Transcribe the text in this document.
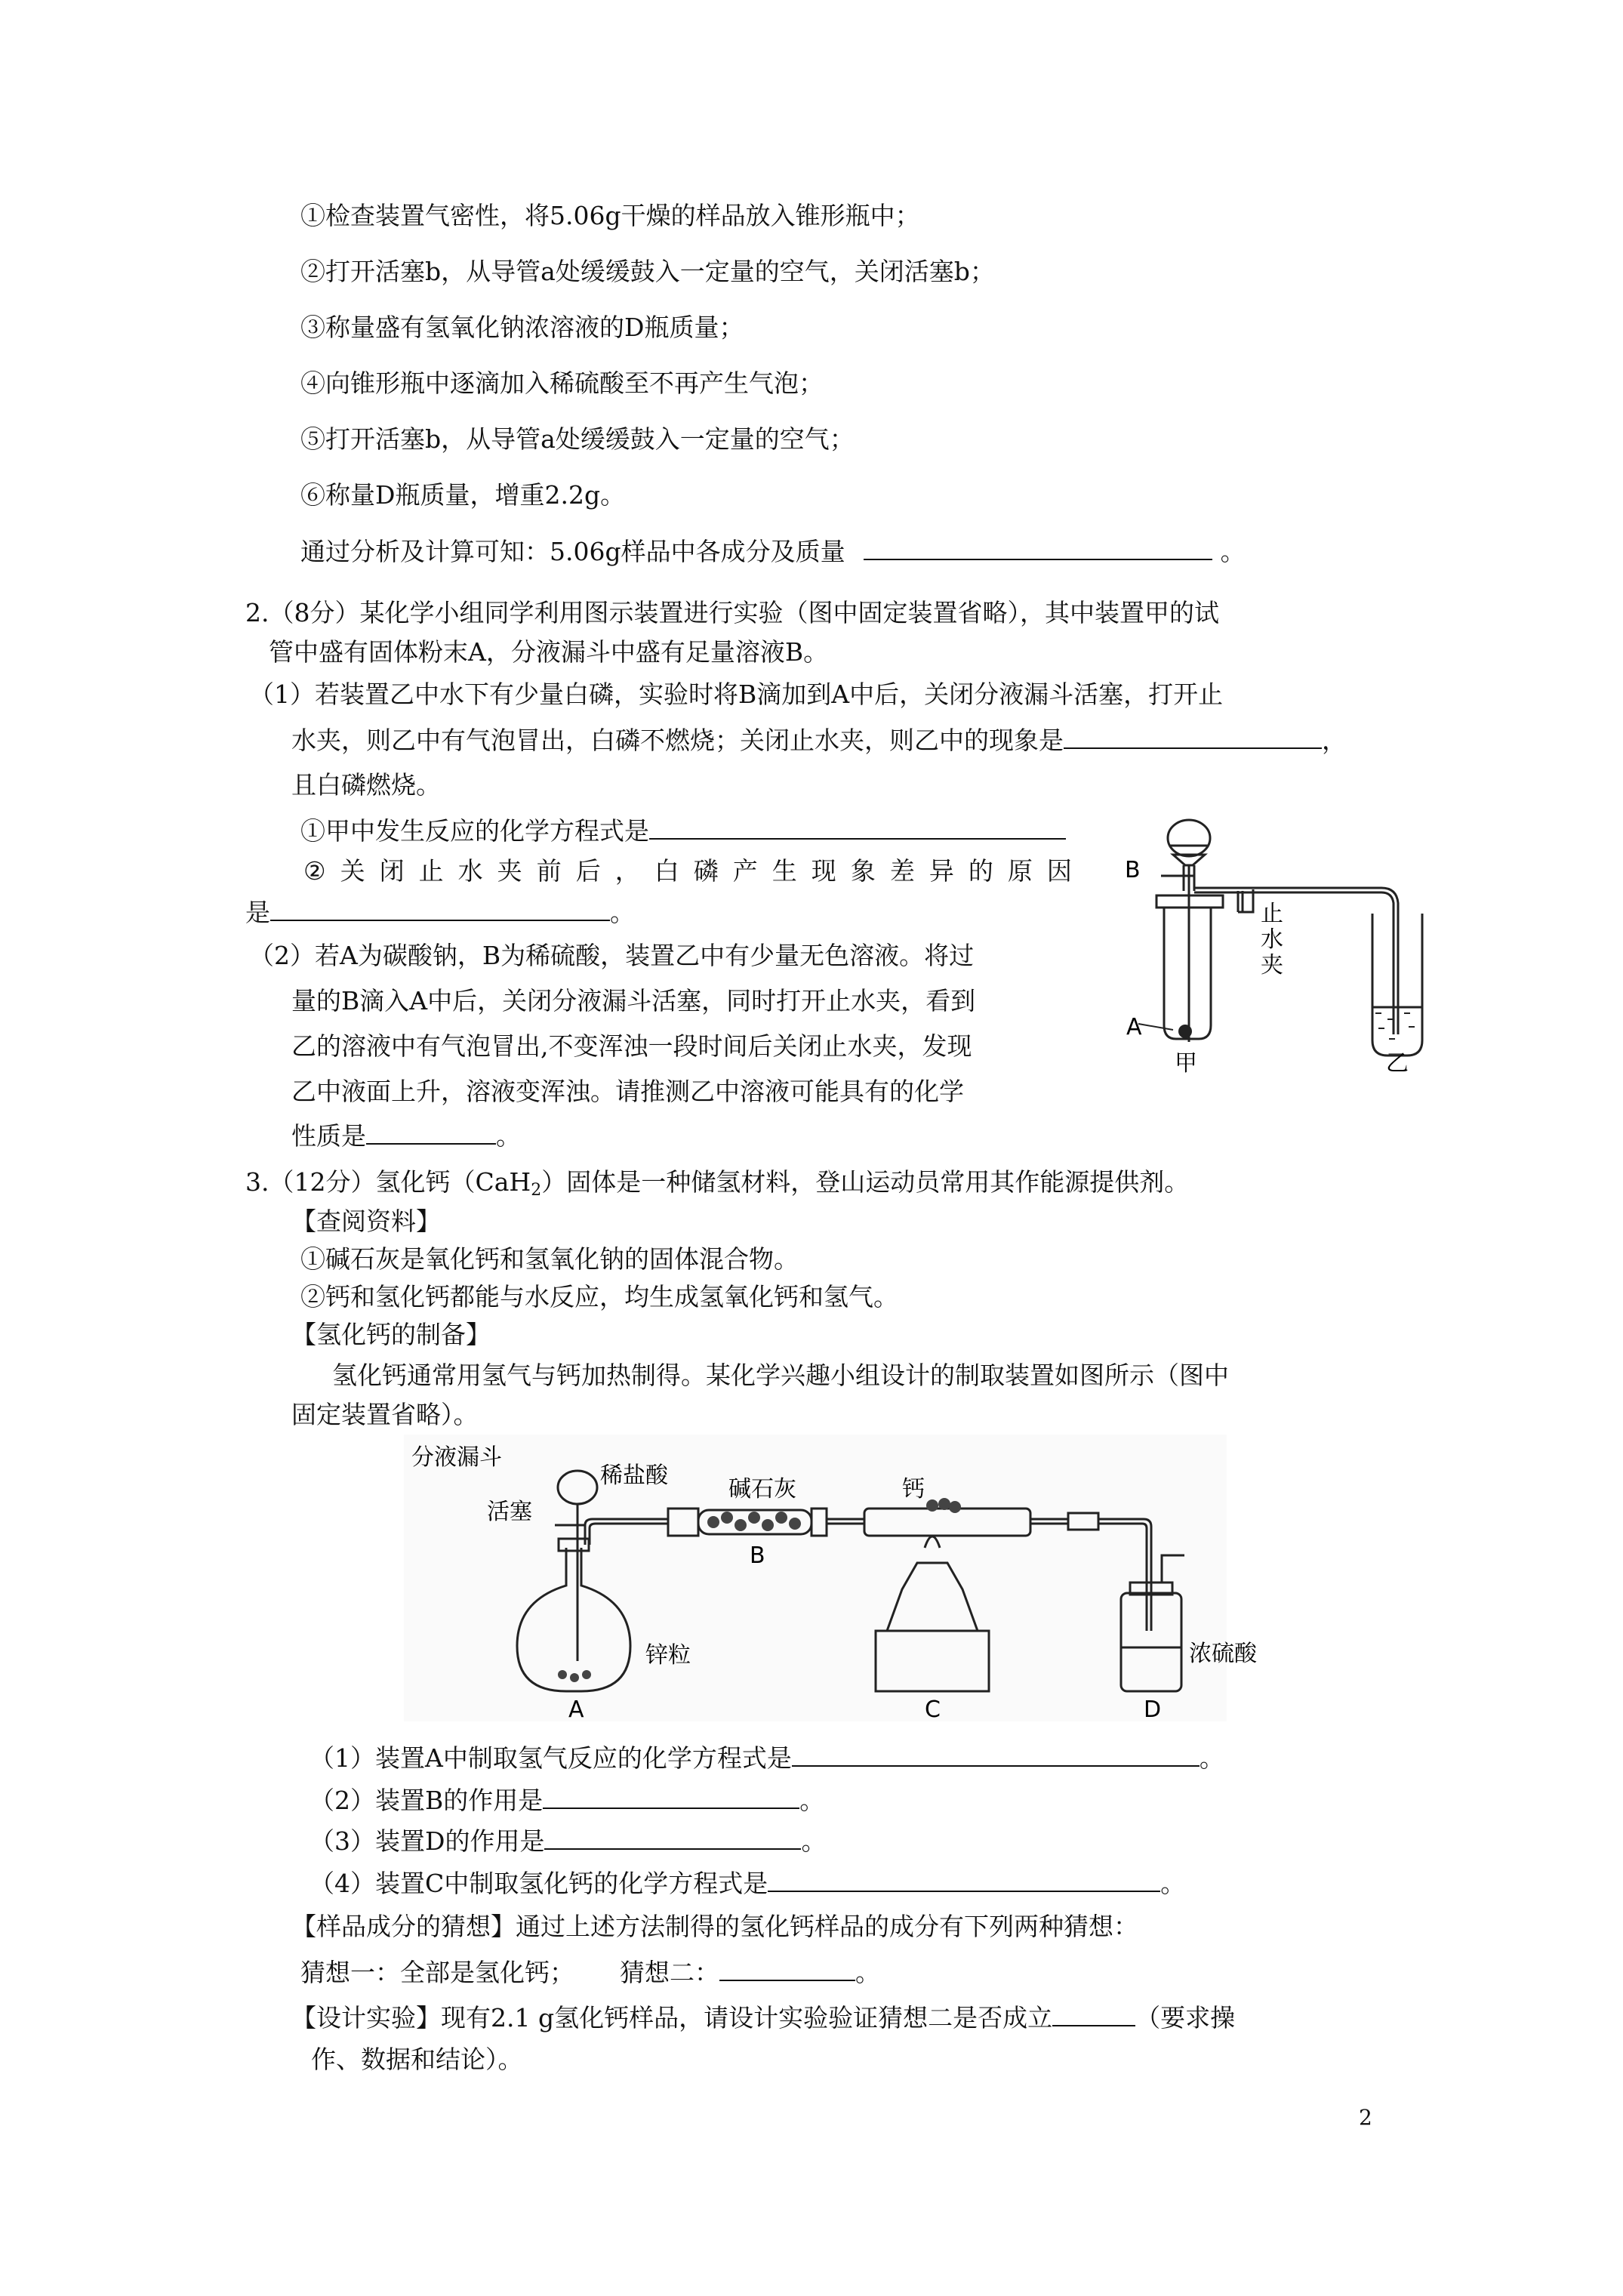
①检查装置气密性，将5.06g干燥的样品放入锥形瓶中；
②打开活塞b，从导管a处缓缓鼓入一定量的空气，关闭活塞b；
③称量盛有氢氧化钠浓溶液的D瓶质量；
④向锥形瓶中逐滴加入稀硫酸至不再产生气泡；
⑤打开活塞b，从导管a处缓缓鼓入一定量的空气；
⑥称量D瓶质量，增重2.2g。
通过分析及计算可知：5.06g样品中各成分及质量	。
2.（8分）某化学小组同学利用图示装置进行实验（图中固定装置省略），其中装置甲的试
管中盛有固体粉末A，分液漏斗中盛有足量溶液B。
（1）若装置乙中水下有少量白磷，实验时将B滴加到A中后，关闭分液漏斗活塞，打开止
水夹，则乙中有气泡冒出，白磷不燃烧；关闭止水夹，则乙中的现象是	，
且白磷燃烧。
①甲中发生反应的化学方程式是
② 关 闭 止 水 夹 前 后 ， 白 磷 产 生 现 象 差 异 的 原 因
是	。
（2）若A为碳酸钠，B为稀硫酸，装置乙中有少量无色溶液。将过
量的B滴入A中后，关闭分液漏斗活塞，同时打开止水夹，看到
乙的溶液中有气泡冒出,不变浑浊一段时间后关闭止水夹，发现
乙中液面上升，溶液变浑浊。请推测乙中溶液可能具有的化学
性质是	。
B
A
甲	乙
止
水
夹
3.（12分）氢化钙（CaH$_2$）固体是一种储氢材料，登山运动员常用其作能源提供剂。
【查阅资料】
①碱石灰是氧化钙和氢氧化钠的固体混合物。
②钙和氢化钙都能与水反应，均生成氢氧化钙和氢气。
【氢化钙的制备】
氢化钙通常用氢气与钙加热制得。某化学兴趣小组设计的制取装置如图所示（图中
固定装置省略）。
分液漏斗
稀盐酸
活塞
碱石灰	钙
锌粒	浓硫酸
A
B
C	D
（1）装置A中制取氢气反应的化学方程式是	。
（2）装置B的作用是	。
（3）装置D的作用是	。
（4）装置C中制取氢化钙的化学方程式是	。
【样品成分的猜想】通过上述方法制得的氢化钙样品的成分有下列两种猜想：
猜想一：全部是氢化钙； 猜想二：	。
【设计实验】现有2.1 g氢化钙样品，请设计实验验证猜想二是否成立	（要求操
作、数据和结论）。
2
